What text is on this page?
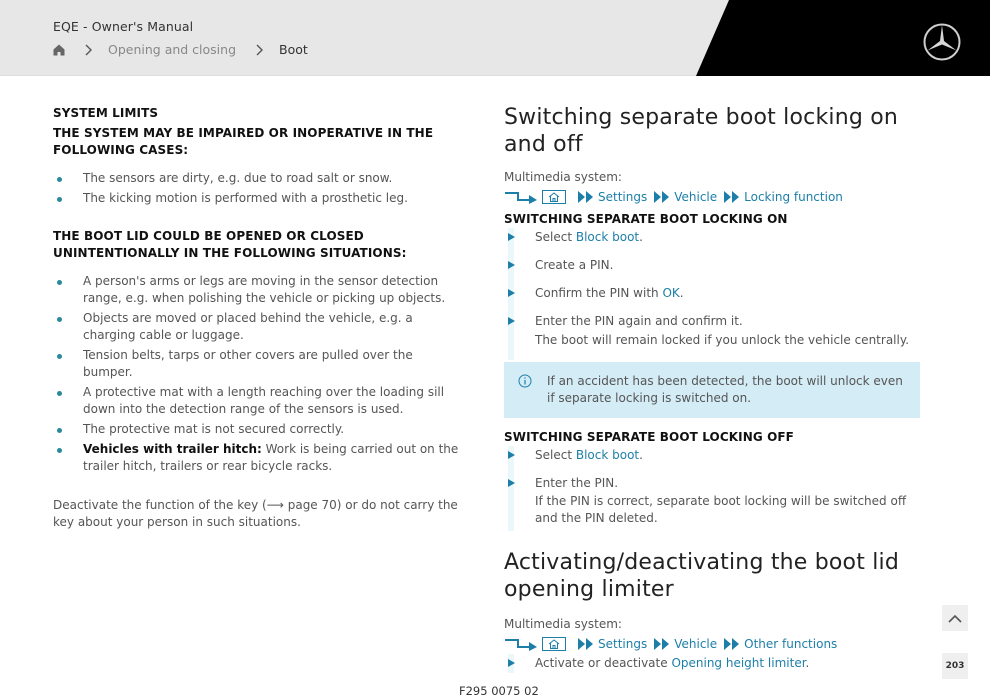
EQE - Owner's Manual
Opening and closing	Boot
SYSTEM LIMITS
THE SYSTEM MAY BE IMPAIRED OR INOPERATIVE IN THE FOLLOWING CASES:
The sensors are dirty, e.g. due to road salt or snow.
The kicking motion is performed with a prosthetic leg.
THE BOOT LID COULD BE OPENED OR CLOSED UNINTENTIONALLY IN THE FOLLOWING SITUATIONS:
A person's arms or legs are moving in the sensor detection range, e.g. when polishing the vehicle or picking up objects.
Objects are moved or placed behind the vehicle, e.g. a charging cable or luggage.
Tension belts, tarps or other covers are pulled over the bumper.
A protective mat with a length reaching over the loading sill down into the detection range of the sensors is used.
The protective mat is not secured correctly.
Vehicles with trailer hitch: Work is being carried out on the trailer hitch, trailers or rear bicycle racks.

Deactivate the function of the key (⟶ page 70) or do not carry the key about your person in such situations.

Switching separate boot locking on and off
Multimedia system:
Settings Vehicle Locking function
SWITCHING SEPARATE BOOT LOCKING ON
Select Block boot.
Create a PIN.
Confirm the PIN with OK.
Enter the PIN again and confirm it.
The boot will remain locked if you unlock the vehicle centrally.
If an accident has been detected, the boot will unlock even if separate locking is switched on.
SWITCHING SEPARATE BOOT LOCKING OFF
Select Block boot.
Enter the PIN.
If the PIN is correct, separate boot locking will be switched off and the PIN deleted.
Activating/deactivating the boot lid opening limiter
Multimedia system:
Settings Vehicle Other functions
Activate or deactivate Opening height limiter.
F295 0075 02
203
